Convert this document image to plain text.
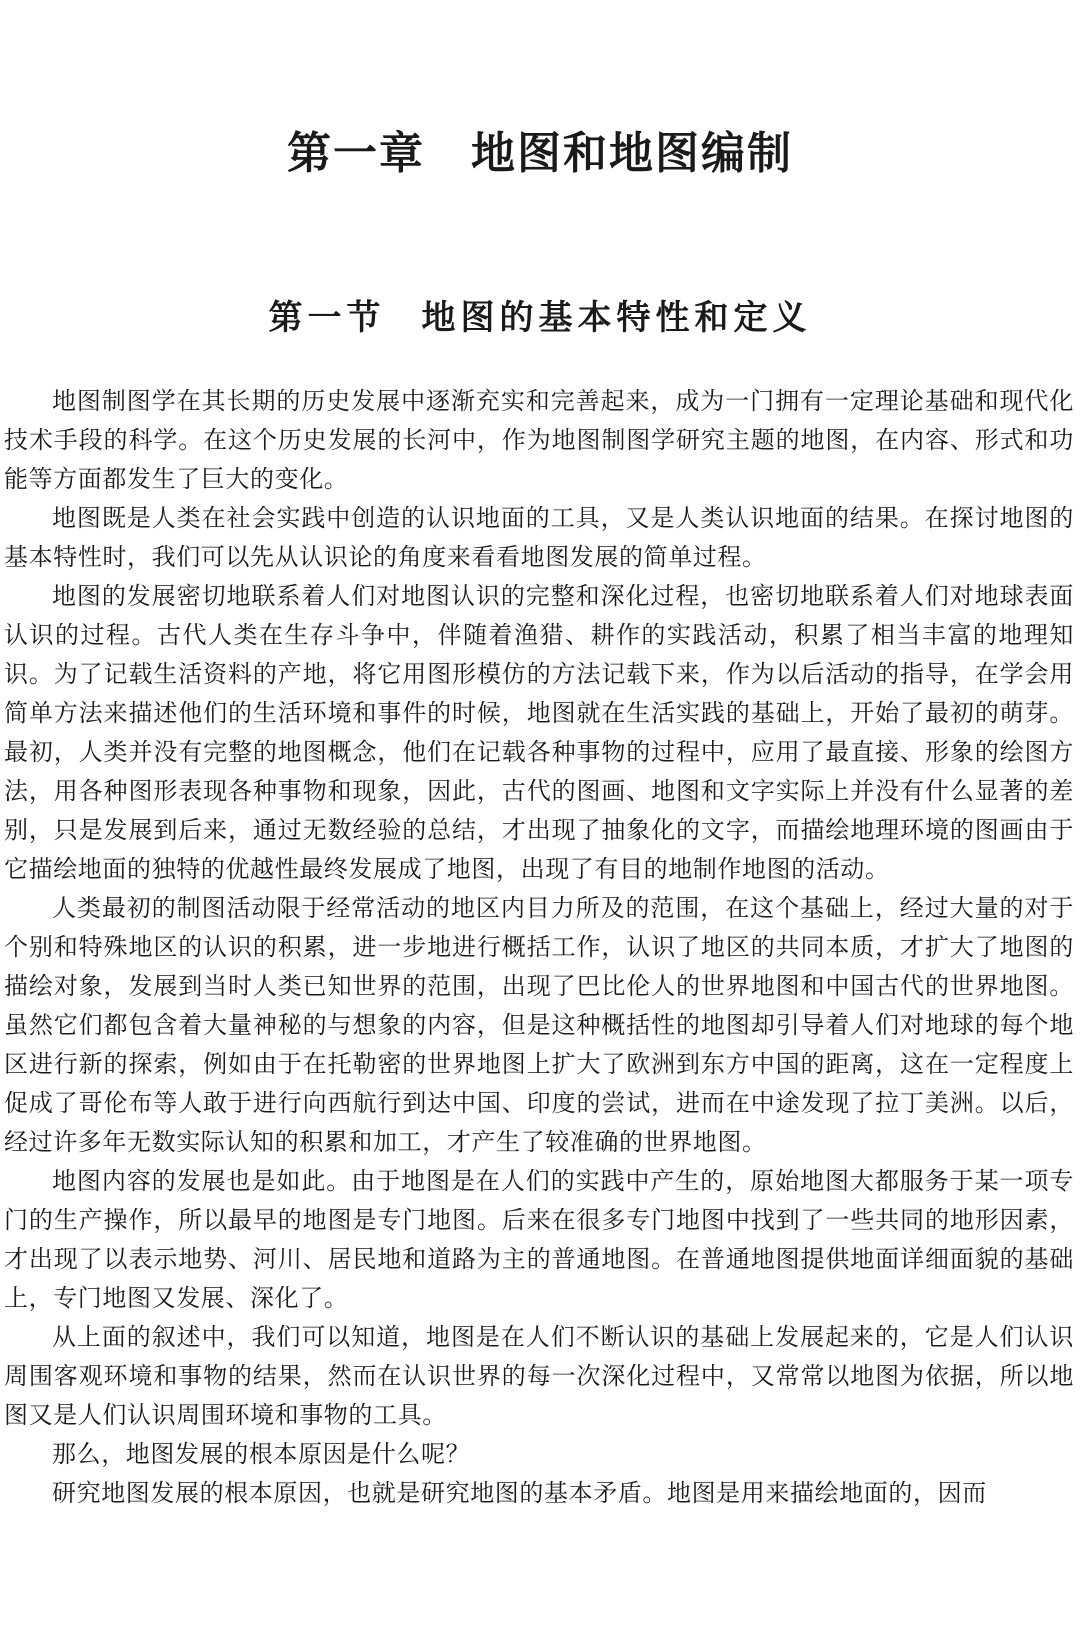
第一章 地图和地图编制
第一节 地图的基本特性和定义

地图制图学在其长期的历史发展中逐渐充实和完善起来，成为一门拥有一定理论基础和现代化技术手段的科学。在这个历史发展的长河中，作为地图制图学研究主题的地图，在内容、形式和功能等方面都发生了巨大的变化。

地图既是人类在社会实践中创造的认识地面的工具，又是人类认识地面的结果。在探讨地图的基本特性时，我们可以先从认识论的角度来看看地图发展的简单过程。

地图的发展密切地联系着人们对地图认识的完整和深化过程，也密切地联系着人们对地球表面认识的过程。古代人类在生存斗争中，伴随着渔猎、耕作的实践活动，积累了相当丰富的地理知识。为了记载生活资料的产地，将它用图形模仿的方法记载下来，作为以后活动的指导，在学会用简单方法来描述他们的生活环境和事件的时候，地图就在生活实践的基础上，开始了最初的萌芽。最初，人类并没有完整的地图概念，他们在记载各种事物的过程中，应用了最直接、形象的绘图方法，用各种图形表现各种事物和现象，因此，古代的图画、地图和文字实际上并没有什么显著的差别，只是发展到后来，通过无数经验的总结，才出现了抽象化的文字，而描绘地理环境的图画由于它描绘地面的独特的优越性最终发展成了地图，出现了有目的地制作地图的活动。

人类最初的制图活动限于经常活动的地区内目力所及的范围，在这个基础上，经过大量的对于个别和特殊地区的认识的积累，进一步地进行概括工作，认识了地区的共同本质，才扩大了地图的描绘对象，发展到当时人类已知世界的范围，出现了巴比伦人的世界地图和中国古代的世界地图。虽然它们都包含着大量神秘的与想象的内容，但是这种概括性的地图却引导着人们对地球的每个地区进行新的探索，例如由于在托勒密的世界地图上扩大了欧洲到东方中国的距离，这在一定程度上促成了哥伦布等人敢于进行向西航行到达中国、印度的尝试，进而在中途发现了拉丁美洲。以后，经过许多年无数实际认知的积累和加工，才产生了较准确的世界地图。

地图内容的发展也是如此。由于地图是在人们的实践中产生的，原始地图大都服务于某一项专门的生产操作，所以最早的地图是专门地图。后来在很多专门地图中找到了一些共同的地形因素，才出现了以表示地势、河川、居民地和道路为主的普通地图。在普通地图提供地面详细面貌的基础上，专门地图又发展、深化了。

从上面的叙述中，我们可以知道，地图是在人们不断认识的基础上发展起来的，它是人们认识周围客观环境和事物的结果，然而在认识世界的每一次深化过程中，又常常以地图为依据，所以地图又是人们认识周围环境和事物的工具。

那么，地图发展的根本原因是什么呢？

研究地图发展的根本原因，也就是研究地图的基本矛盾。地图是用来描绘地面的，因而
